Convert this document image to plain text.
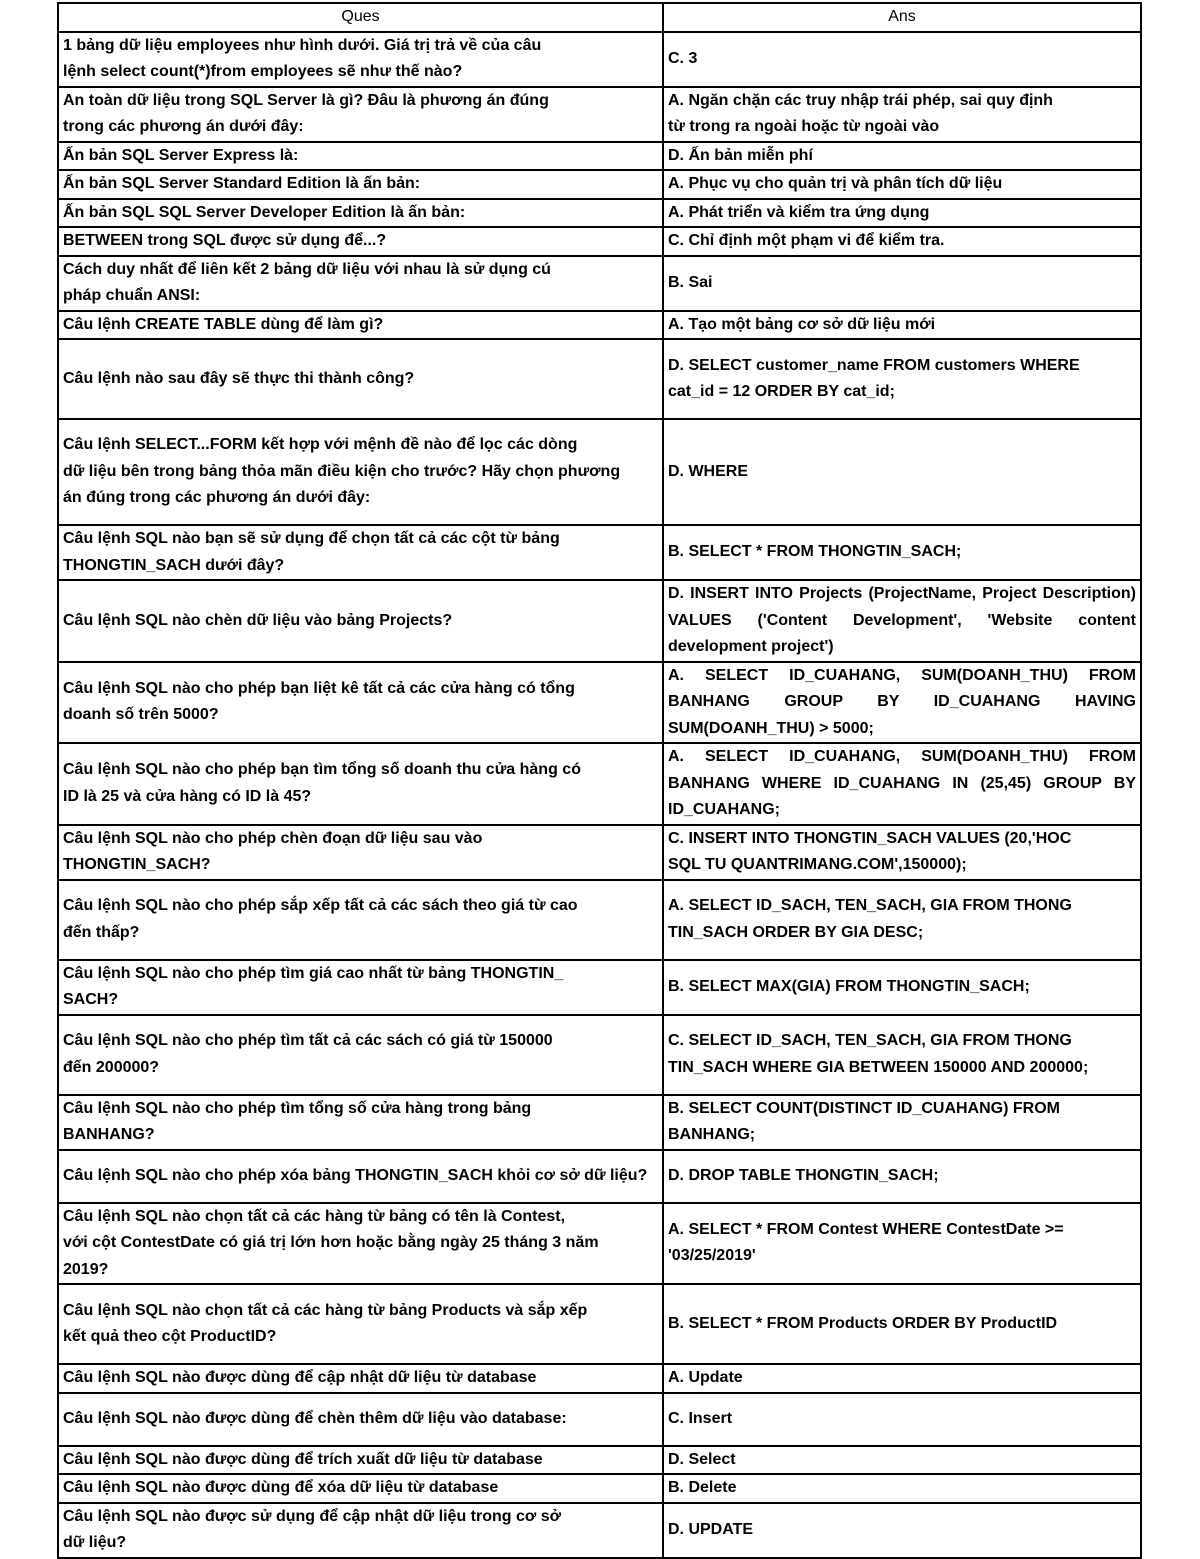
Ques	Ans
1 bảng dữ liệu employees như hình dưới. Giá trị trả về của câu
lệnh select count(*)from employees sẽ như thế nào?	C. 3
An toàn dữ liệu trong SQL Server là gì? Đâu là phương án đúng
trong các phương án dưới đây:	A. Ngăn chặn các truy nhập trái phép, sai quy định
từ trong ra ngoài hoặc từ ngoài vào
Ấn bản SQL Server Express là:	D. Ấn bản miễn phí
Ấn bản SQL Server Standard Edition là ấn bản:	A. Phục vụ cho quản trị và phân tích dữ liệu
Ấn bản SQL SQL Server Developer Edition là ấn bản:	A. Phát triển và kiểm tra ứng dụng
BETWEEN trong SQL được sử dụng để...?	C. Chỉ định một phạm vi để kiểm tra.
Cách duy nhất để liên kết 2 bảng dữ liệu với nhau là sử dụng cú
pháp chuẩn ANSI:	B. Sai
Câu lệnh CREATE TABLE dùng để làm gì?	A. Tạo một bảng cơ sở dữ liệu mới
Câu lệnh nào sau đây sẽ thực thi thành công?	D. SELECT customer_name FROM customers WHERE
cat_id = 12 ORDER BY cat_id;
Câu lệnh SELECT...FORM kết hợp với mệnh đề nào để lọc các dòng
dữ liệu bên trong bảng thỏa mãn điều kiện cho trước? Hãy chọn phương
án đúng trong các phương án dưới đây:	D. WHERE
Câu lệnh SQL nào bạn sẽ sử dụng để chọn tất cả các cột từ bảng
THONGTIN_SACH dưới đây?	B. SELECT * FROM THONGTIN_SACH;
Câu lệnh SQL nào chèn dữ liệu vào bảng Projects?	D. INSERT INTO Projects (ProjectName, Project Description) VALUES ('Content Development', 'Website content development project')
Câu lệnh SQL nào cho phép bạn liệt kê tất cả các cửa hàng có tổng
doanh số trên 5000?	A. SELECT ID_CUAHANG, SUM(DOANH_THU) FROM BANHANG GROUP BY ID_CUAHANG HAVING SUM(DOANH_THU) > 5000;
Câu lệnh SQL nào cho phép bạn tìm tổng số doanh thu cửa hàng có
ID là 25 và cửa hàng có ID là 45?	A. SELECT ID_CUAHANG, SUM(DOANH_THU) FROM BANHANG WHERE ID_CUAHANG IN (25,45) GROUP BY ID_CUAHANG;
Câu lệnh SQL nào cho phép chèn đoạn dữ liệu sau vào
THONGTIN_SACH?	C. INSERT INTO THONGTIN_SACH VALUES (20,'HOC
SQL TU QUANTRIMANG.COM',150000);
Câu lệnh SQL nào cho phép sắp xếp tất cả các sách theo giá từ cao
đến thấp?	A. SELECT ID_SACH, TEN_SACH, GIA FROM THONG
TIN_SACH ORDER BY GIA DESC;
Câu lệnh SQL nào cho phép tìm giá cao nhất từ bảng THONGTIN_
SACH?	B. SELECT MAX(GIA) FROM THONGTIN_SACH;
Câu lệnh SQL nào cho phép tìm tất cả các sách có giá từ 150000
đến 200000?	C. SELECT ID_SACH, TEN_SACH, GIA FROM THONG
TIN_SACH WHERE GIA BETWEEN 150000 AND 200000;
Câu lệnh SQL nào cho phép tìm tổng số cửa hàng trong bảng
BANHANG?	B. SELECT COUNT(DISTINCT ID_CUAHANG) FROM
BANHANG;
Câu lệnh SQL nào cho phép xóa bảng THONGTIN_SACH khỏi cơ sở dữ liệu?	D. DROP TABLE THONGTIN_SACH;
Câu lệnh SQL nào chọn tất cả các hàng từ bảng có tên là Contest,
với cột ContestDate có giá trị lớn hơn hoặc bằng ngày 25 tháng 3 năm
2019?	A. SELECT * FROM Contest WHERE ContestDate >=
'03/25/2019'
Câu lệnh SQL nào chọn tất cả các hàng từ bảng Products và sắp xếp
kết quả theo cột ProductID?	B. SELECT * FROM Products ORDER BY ProductID
Câu lệnh SQL nào được dùng để cập nhật dữ liệu từ database	A. Update
Câu lệnh SQL nào được dùng để chèn thêm dữ liệu vào database:	C. Insert
Câu lệnh SQL nào được dùng để trích xuất dữ liệu từ database	D. Select
Câu lệnh SQL nào được dùng để xóa dữ liệu từ database	B. Delete
Câu lệnh SQL nào được sử dụng để cập nhật dữ liệu trong cơ sở
dữ liệu?	D. UPDATE
